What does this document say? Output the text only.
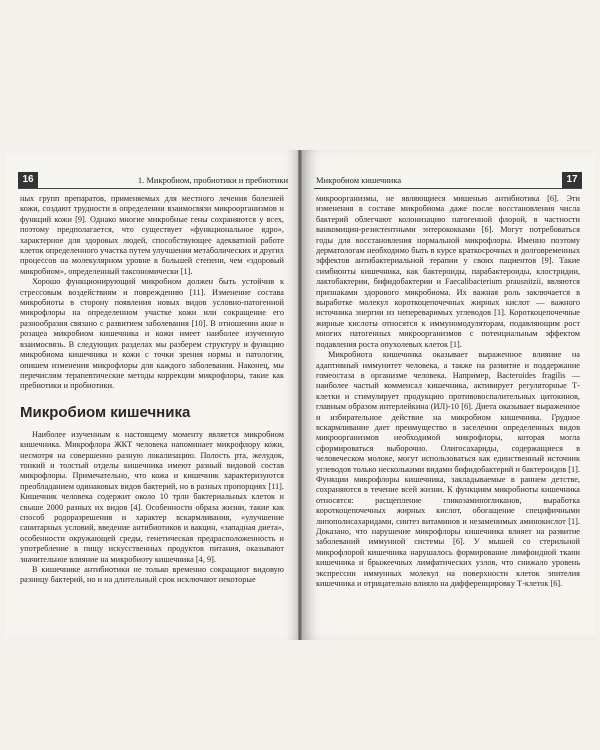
16	1. Микробиом, пробиотики и пребиотики

ных групп препаратов, применяемых для местного лечения болезней кожи, создают трудности в определении взаимосвязи микроорганизмов и функций кожи [9]. Однако многие микробные гены сохраняются у всех, поэтому предполагается, что существует «функциональное ядро», характерное для здоровых людей, способствующее адекватной работе клеток определенного участка путем улучшения метаболических и других процессов на молекулярном уровне в большей степени, чем «здоровый микробиом», определенный таксономически [1].

Хорошо функционирующий микробиом должен быть устойчив к стрессовым воздействиям и повреждению [11]. Изменение состава микробиоты в сторону появления новых видов условно-патогенной микрофлоры на определенном участке кожи или сокращение его разнообразия связано с развитием заболевания [10]. В отношении акне и розацеа микробиом кишечника и кожи имеет наиболее изученную взаимосвязь. В следующих разделах мы разберем структуру и функцию микробиома кишечника и кожи с точки зрения нормы и патологии, опишем изменения микрофлоры для каждого заболевания. Наконец, мы перечислим терапевтические методы коррекции микрофлоры, такие как пребиотики и пробиотики.

Микробиом кишечника

Наиболее изученным к настоящему моменту является микробиом кишечника. Микрофлора ЖКТ человека напоминает микрофлору кожи, несмотря на совершенно разную локализацию. Полость рта, желудок, тонкий и толстый отделы кишечника имеют разный видовой состав микрофлоры. Примечательно, что кожа и кишечник характеризуются преобладанием одинаковых видов бактерий, но в разных пропорциях [11]. Кишечник человека содержит около 10 трлн бактериальных клеток и свыше 2000 разных их видов [4]. Особенности образа жизни, такие как способ родоразрешения и характер вскармливания, «улучшение санитарных условий, введение антибиотиков и вакцин, «западная диета», особенности окружающей среды, генетическая предрасположенность и употребление в пищу искусственных продуктов питания, оказывают значительное влияние на микробиоту кишечника [4, 9].

В кишечнике антибиотики не только временно сокращают видовую разницу бактерий, но и на длительный срок исключают некоторые

Микробиом кишечника	17

микроорганизмы, не являющиеся мишенью антибиотика [6]. Эти изменения в составе микробиома даже после восстановления числа бактерий облегчают колонизацию патогенной флорой, в частности ванкомицин-резистентными энтерококками [6]. Могут потребоваться годы для восстановления нормальной микрофлоры. Именно поэтому дерматологам необходимо быть в курсе краткосрочных и долговременных эффектов антибактериальной терапии у своих пациентов [9]. Такие симбионты кишечника, как бактероиды, парабактероиды, клостридии, лактобактерии, бифидобактерии и Faecalibacterium prausnitzii, являются признаками здорового микробиома. Их важная роль заключается в выработке молекул короткоцепочечных жирных кислот — важного источника энергии из непереваримых углеводов [1]. Короткоцепочечные жирные кислоты относятся к иммуномодуляторам, подавляющим рост многих патогенных микроорганизмов с потенциальным эффектом подавления роста опухолевых клеток [1].

Микробиота кишечника оказывает выраженное влияние на адаптивный иммунитет человека, а также на развитие и поддержание гомеостаза в организме человека. Например, Bacteroides fragilis — наиболее частый комменсал кишечника, активирует регуляторные Т-клетки и стимулирует продукцию противовоспалительных цитокинов, главным образом интерлейкина (ИЛ)-10 [6]. Диета оказывает выраженное и избирательное действие на микробиом кишечника. Грудное вскармливание дает преимущество в заселении определенных видов микроорганизмов необходимой микрофлоры, которая могла сформироваться выборочно. Олигосахариды, содержащиеся в человеческом молоке, могут использоваться как единственный источник углеводов только несколькими видами бифидобактерий и бактероидов [1]. Функции микрофлоры кишечника, закладываемые в раннем детстве, сохраняются в течение всей жизни. К функциям микробиоты кишечника относятся: расщепление гликозаминогликанов, выработка короткоцепочечных жирных кислот, обогащение специфичными липополисахаридами, синтез витаминов и незаменимых аминокислот [1]. Доказано, что нарушение микрофлоры кишечника влияет на развитие заболеваний иммунной системы [6]. У мышей со стерильной микрофлорой кишечника нарушалось формирование лимфоидной ткани кишечника и брыжеечных лимфатических узлов, что снижало уровень экспрессии иммунных молекул на поверхности клеток эпителия кишечника и отрицательно влияло на дифференцировку Т-клеток [6].
